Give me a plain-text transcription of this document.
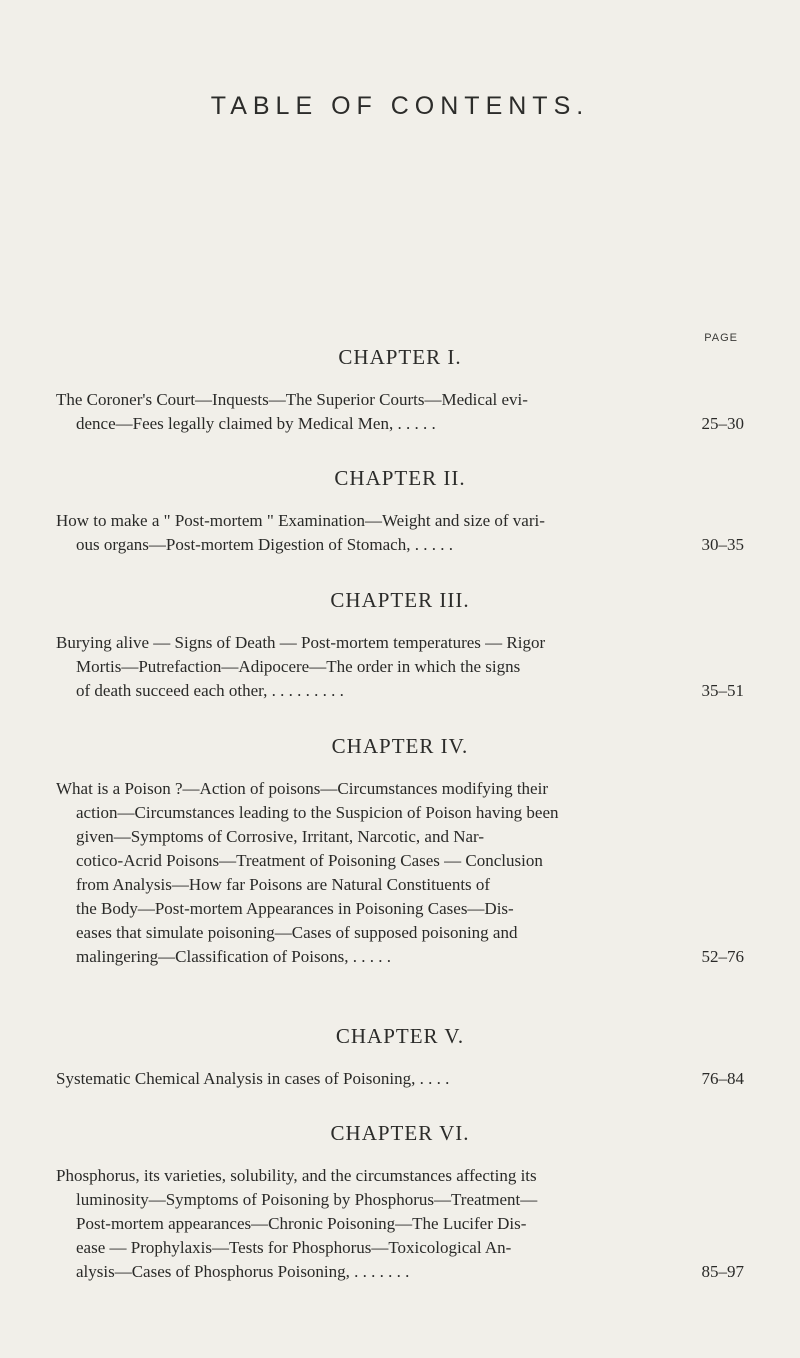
TABLE OF CONTENTS.
PAGE
CHAPTER I.
The Coroner's Court—Inquests—The Superior Courts—Medical evi-
dence—Fees legally claimed by Medical Men, . . . . .	25–30
CHAPTER II.
How to make a " Post-mortem " Examination—Weight and size of vari-
ous organs—Post-mortem Digestion of Stomach, . . . . .	30–35
CHAPTER III.
Burying alive — Signs of Death — Post-mortem temperatures — Rigor
Mortis—Putrefaction—Adipocere—The order in which the signs
of death succeed each other, . . . . . . . . .	35–51
CHAPTER IV.
What is a Poison ?—Action of poisons—Circumstances modifying their
action—Circumstances leading to the Suspicion of Poison having been
given—Symptoms of Corrosive, Irritant, Narcotic, and Nar-
cotico-Acrid Poisons—Treatment of Poisoning Cases — Conclusion
from Analysis—How far Poisons are Natural Constituents of
the Body—Post-mortem Appearances in Poisoning Cases—Dis-
eases that simulate poisoning—Cases of supposed poisoning and
malingering—Classification of Poisons, . . . . .	52–76
CHAPTER V.
Systematic Chemical Analysis in cases of Poisoning, . . . .	76–84
CHAPTER VI.
Phosphorus, its varieties, solubility, and the circumstances affecting its
luminosity—Symptoms of Poisoning by Phosphorus—Treatment—
Post-mortem appearances—Chronic Poisoning—The Lucifer Dis-
ease — Prophylaxis—Tests for Phosphorus—Toxicological An-
alysis—Cases of Phosphorus Poisoning, . . . . . . .	85–97
